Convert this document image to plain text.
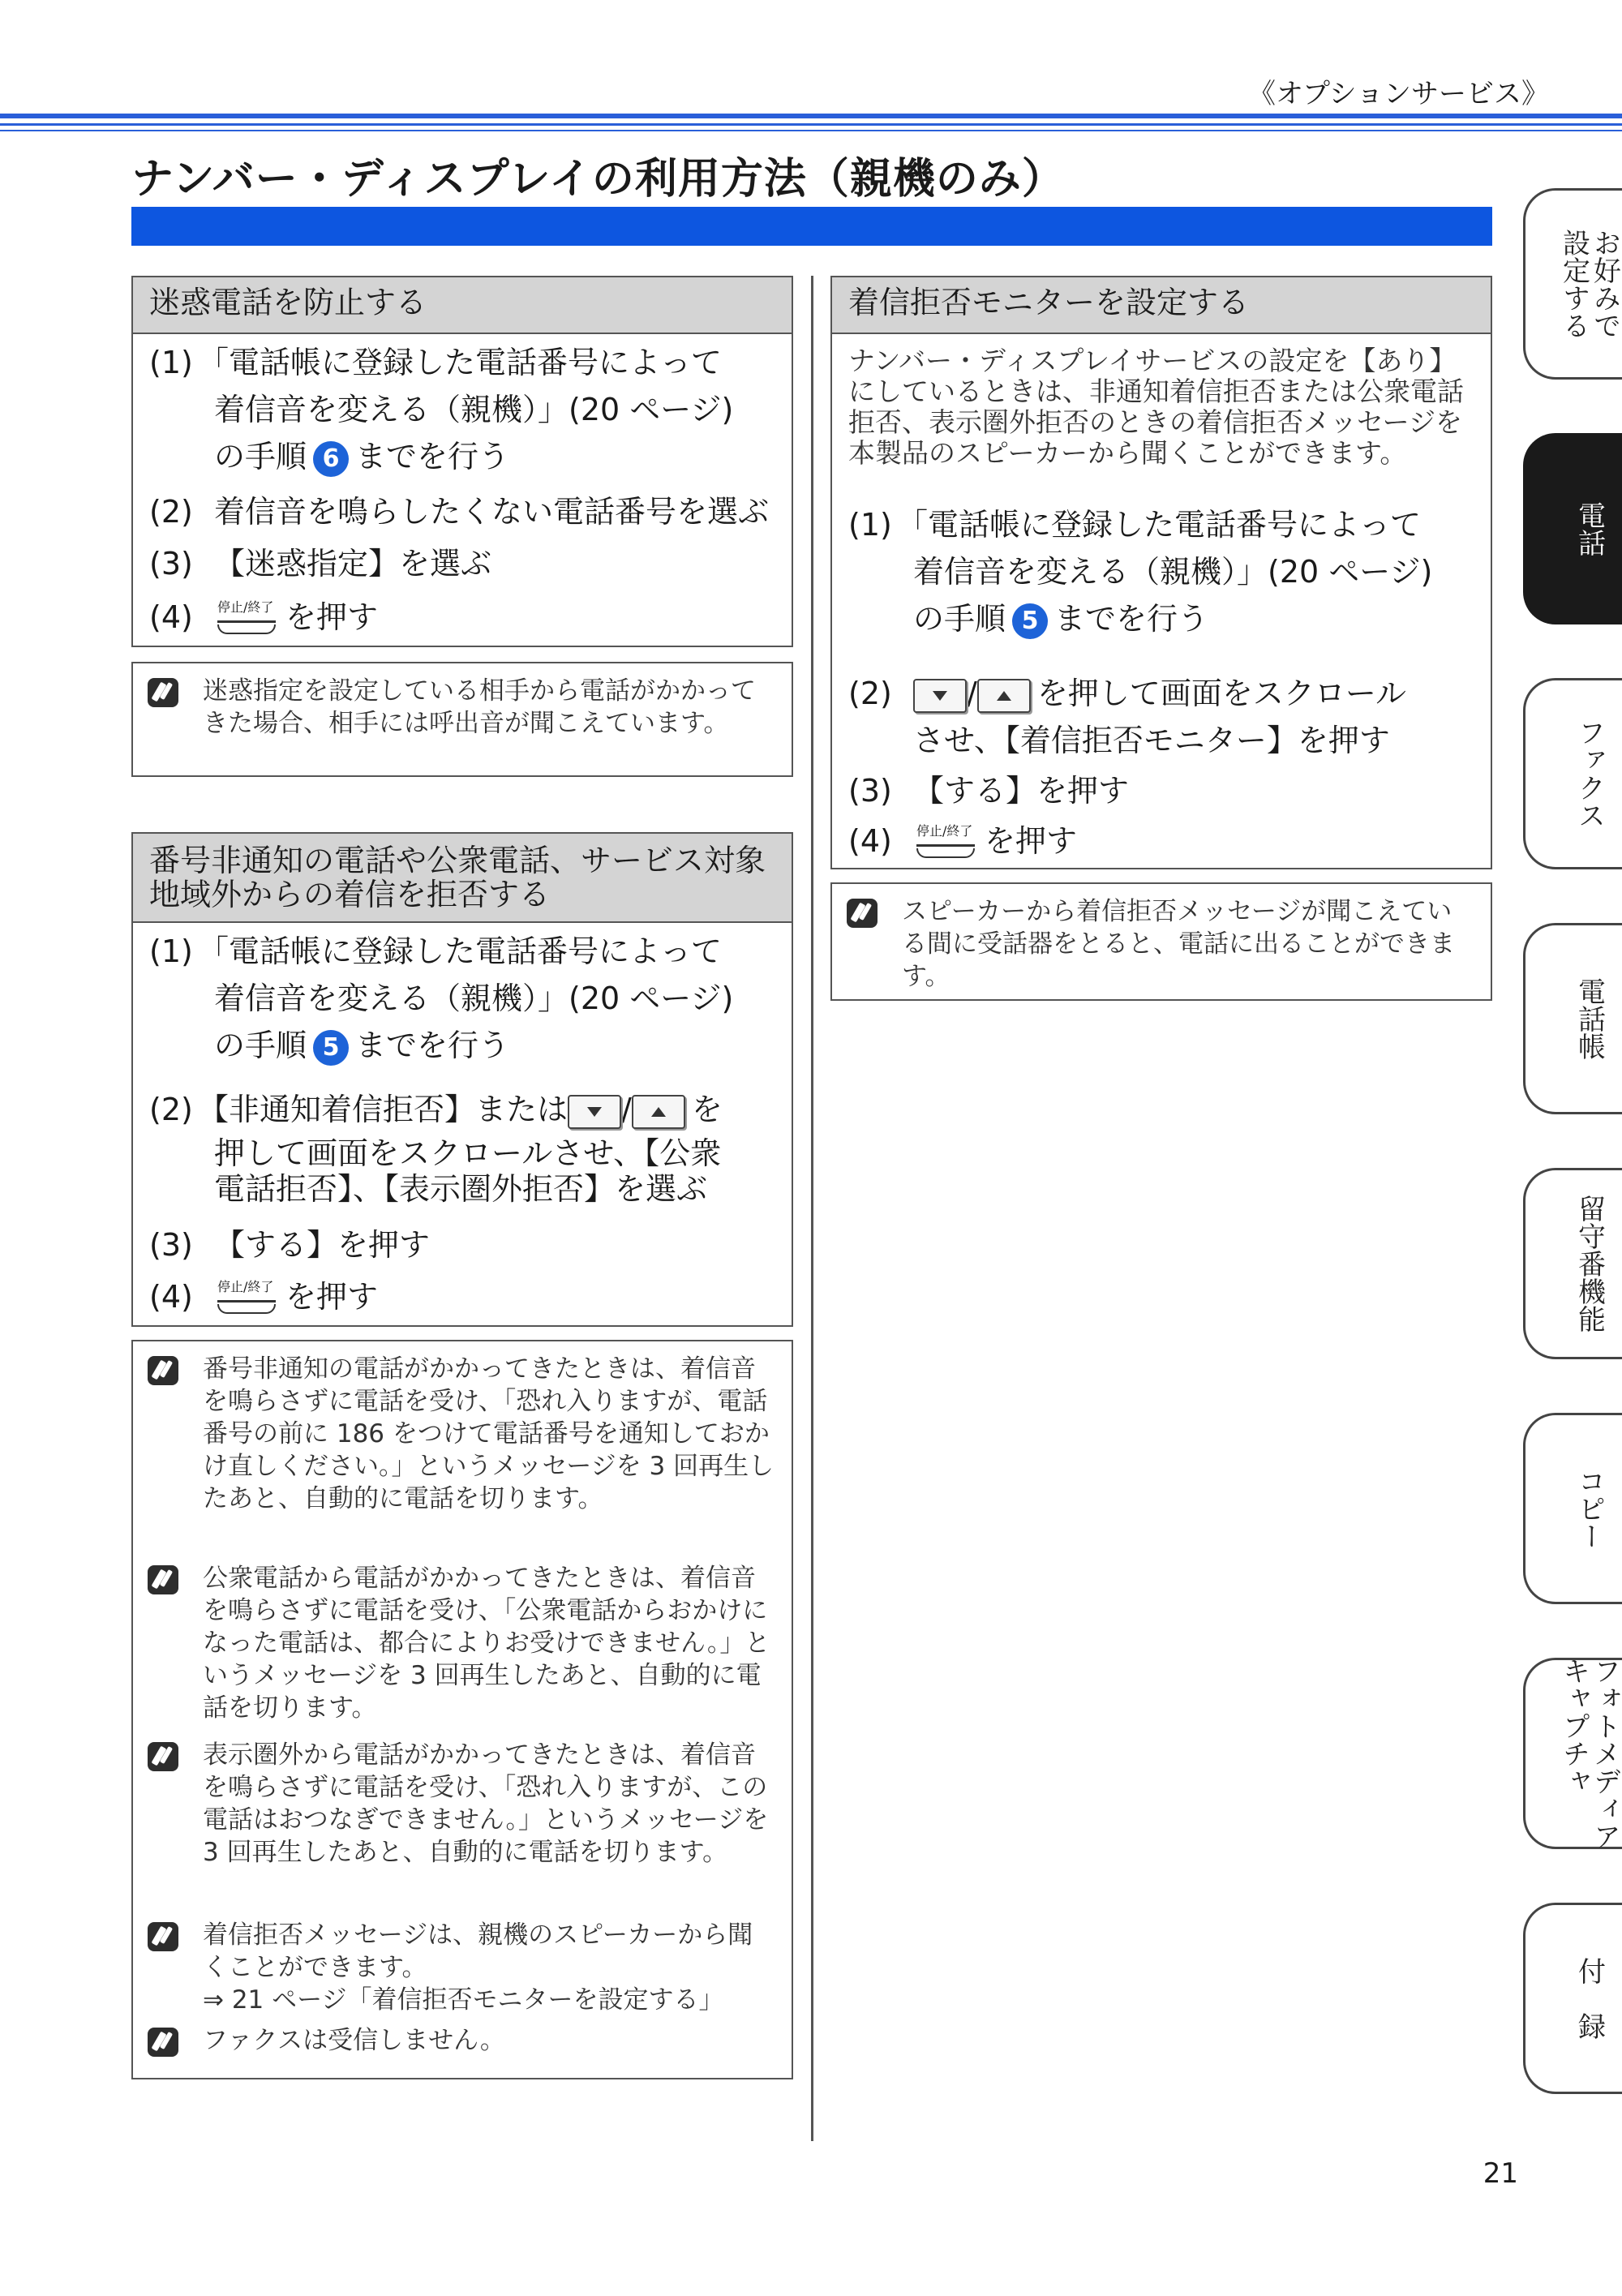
《オプションサービス》
ナンバー・ディスプレイの利用方法（親機のみ）
迷惑電話を防止する
(1) 「電話帳に登録した電話番号によって
着信音を変える（親機）」(20 ページ)
の手順 6 までを行う
(2) 着信音を鳴らしたくない電話番号を選ぶ
(3) 【迷惑指定】を選ぶ
(4)	停止/終了 を押す
迷惑指定を設定している相手から電話がかかってきた場合、相手には呼出音が聞こえています。
番号非通知の電話や公衆電話、サービス対象地域外からの着信を拒否する
(1) 「電話帳に登録した電話番号によって
着信音を変える（親機）」(20 ページ)
の手順 5 までを行う
(2) 【非通知着信拒否】または / を
押して画面をスクロールさせ、【公衆
電話拒否】、【表示圏外拒否】を選ぶ
(3) 【する】を押す
(4)	停止/終了 を押す
番号非通知の電話がかかってきたときは、着信音を鳴らさずに電話を受け、「恐れ入りますが、電話番号の前に 186 をつけて電話番号を通知しておかけ直しください。」というメッセージを 3 回再生したあと、自動的に電話を切ります。
公衆電話から電話がかかってきたときは、着信音を鳴らさずに電話を受け、「公衆電話からおかけになった電話は、都合によりお受けできません。」というメッセージを 3 回再生したあと、自動的に電話を切ります。
表示圏外から電話がかかってきたときは、着信音を鳴らさずに電話を受け、「恐れ入りますが、この電話はおつなぎできません。」というメッセージを 3 回再生したあと、自動的に電話を切ります。
着信拒否メッセージは、親機のスピーカーから聞くことができます。
⇒ 21 ページ「着信拒否モニターを設定する」
ファクスは受信しません。
着信拒否モニターを設定する
ナンバー・ディスプレイサービスの設定を【あり】にしているときは、非通知着信拒否または公衆電話拒否、表示圏外拒否のときの着信拒否メッセージを本製品のスピーカーから聞くことができます。
(1) 「電話帳に登録した電話番号によって
着信音を変える（親機）」(20 ページ)
の手順 5 までを行う
(2)	/ を押して画面をスクロール
させ、【着信拒否モニター】を押す
(3) 【する】を押す
(4)	停止/終了 を押す
スピーカーから着信拒否メッセージが聞こえている間に受話器をとると、電話に出ることができます。
お好みで
設定する
電話
ファクス
電話帳
留守番機能
コピー
フォトメディア
キャプチャ
付　録
21
